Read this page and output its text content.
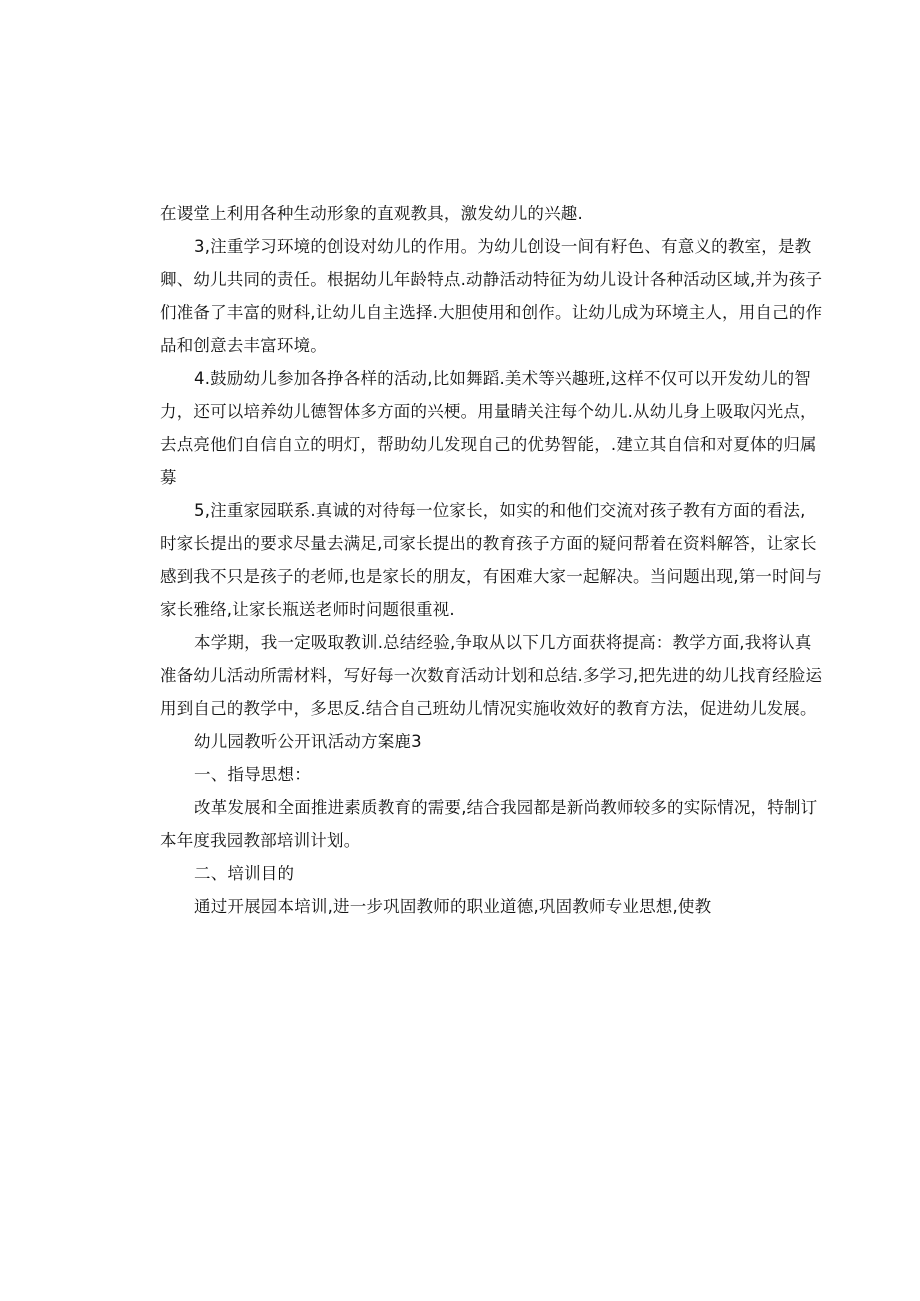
在谡堂上利用各种生动形象的直观教具，激发幼儿的兴趣.
3,注重学习环境的创设对幼儿的作用。为幼儿创设一间有籽色、有意义的教室，是教
卿、幼儿共同的责任。根据幼儿年龄特点.动静活动特征为幼儿设计各种活动区域,并为孩子
们准备了丰富的财科,让幼儿自主选择.大胆使用和创作。让幼儿成为环境主人，用自己的作
品和创意去丰富环境。
4.鼓励幼儿参加各挣各样的活动,比如舞蹈.美术等兴趣班,这样不仅可以开发幼儿的智
力，还可以培养幼儿德智体多方面的兴梗。用量睛关注每个幼儿.从幼儿身上吸取闪光点，
去点亮他们自信自立的明灯，帮助幼儿发现自己的优势智能，.建立其自信和对夏体的归属
募
5,注重家园联系.真诚的对待每一位家长，如实的和他们交流对孩子教有方面的看法,
时家长提出的要求尽量去满足,司家长提出的教育孩子方面的疑问帮着在资料解答，让家长
感到我不只是孩子的老师,也是家长的朋友，有困难大家一起解决。当问题出现,第一时间与
家长雅络,让家长瓶送老师时问题很重视.
本学期，我一定吸取教训.总结经验,争取从以下几方面获将提高：教学方面,我将认真
准备幼儿活动所需材料，写好每一次数育活动计划和总结.多学习,把先进的幼儿找育经脸运
用到自己的教学中，多思反.结合自己班幼儿情况实施收效好的教育方法，促进幼儿发展。
幼儿园教听公开讯活动方案鹿3
一、指导思想：
改革发展和全面推进素质教育的需要,结合我园都是新尚教师较多的实际情况，特制订
本年度我园教部培训计划。
二、培训目的
通过开展园本培训,进一步巩固教师的职业道德,巩固教师专业思想,使教
